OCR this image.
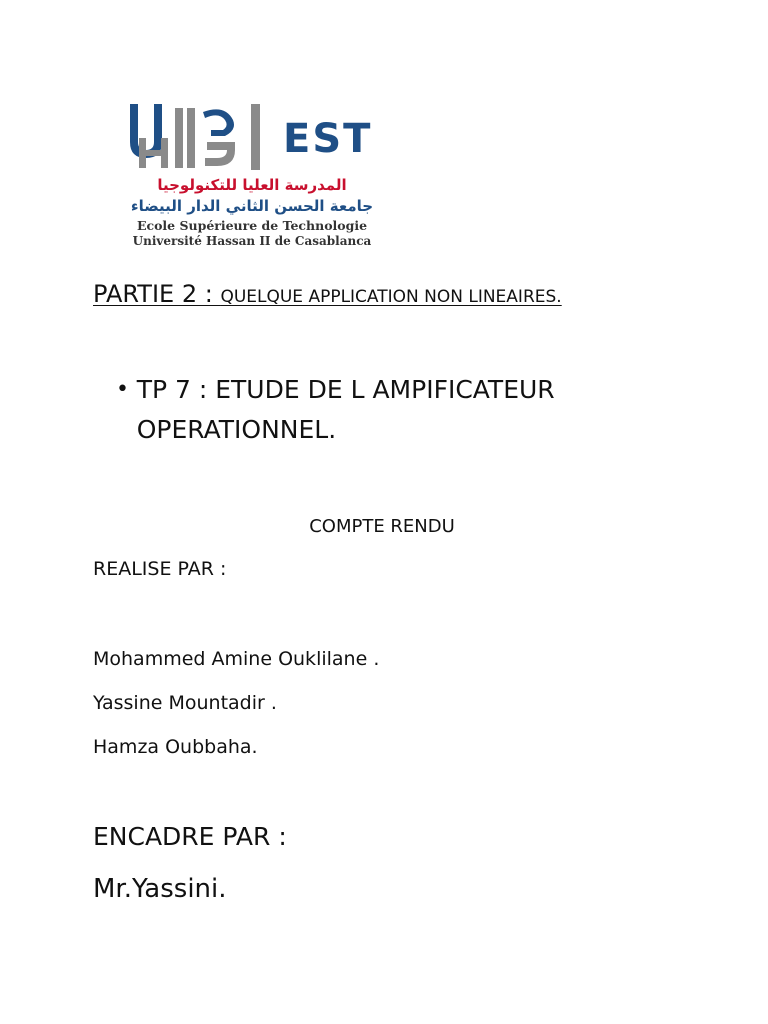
EST
المدرسة العليا للتكنولوجيا
جامعة الحسن الثاني الدار البيضاء
Ecole Supérieure de Technologie
Université Hassan II de Casablanca
PARTIE 2 : QUELQUE APPLICATION NON LINEAIRES.
• TP 7 : ETUDE DE L AMPIFICATEUR OPERATIONNEL.
COMPTE RENDU
REALISE PAR :
Mohammed Amine Ouklilane .
Yassine Mountadir .
Hamza Oubbaha.
ENCADRE PAR :
Mr.Yassini.
